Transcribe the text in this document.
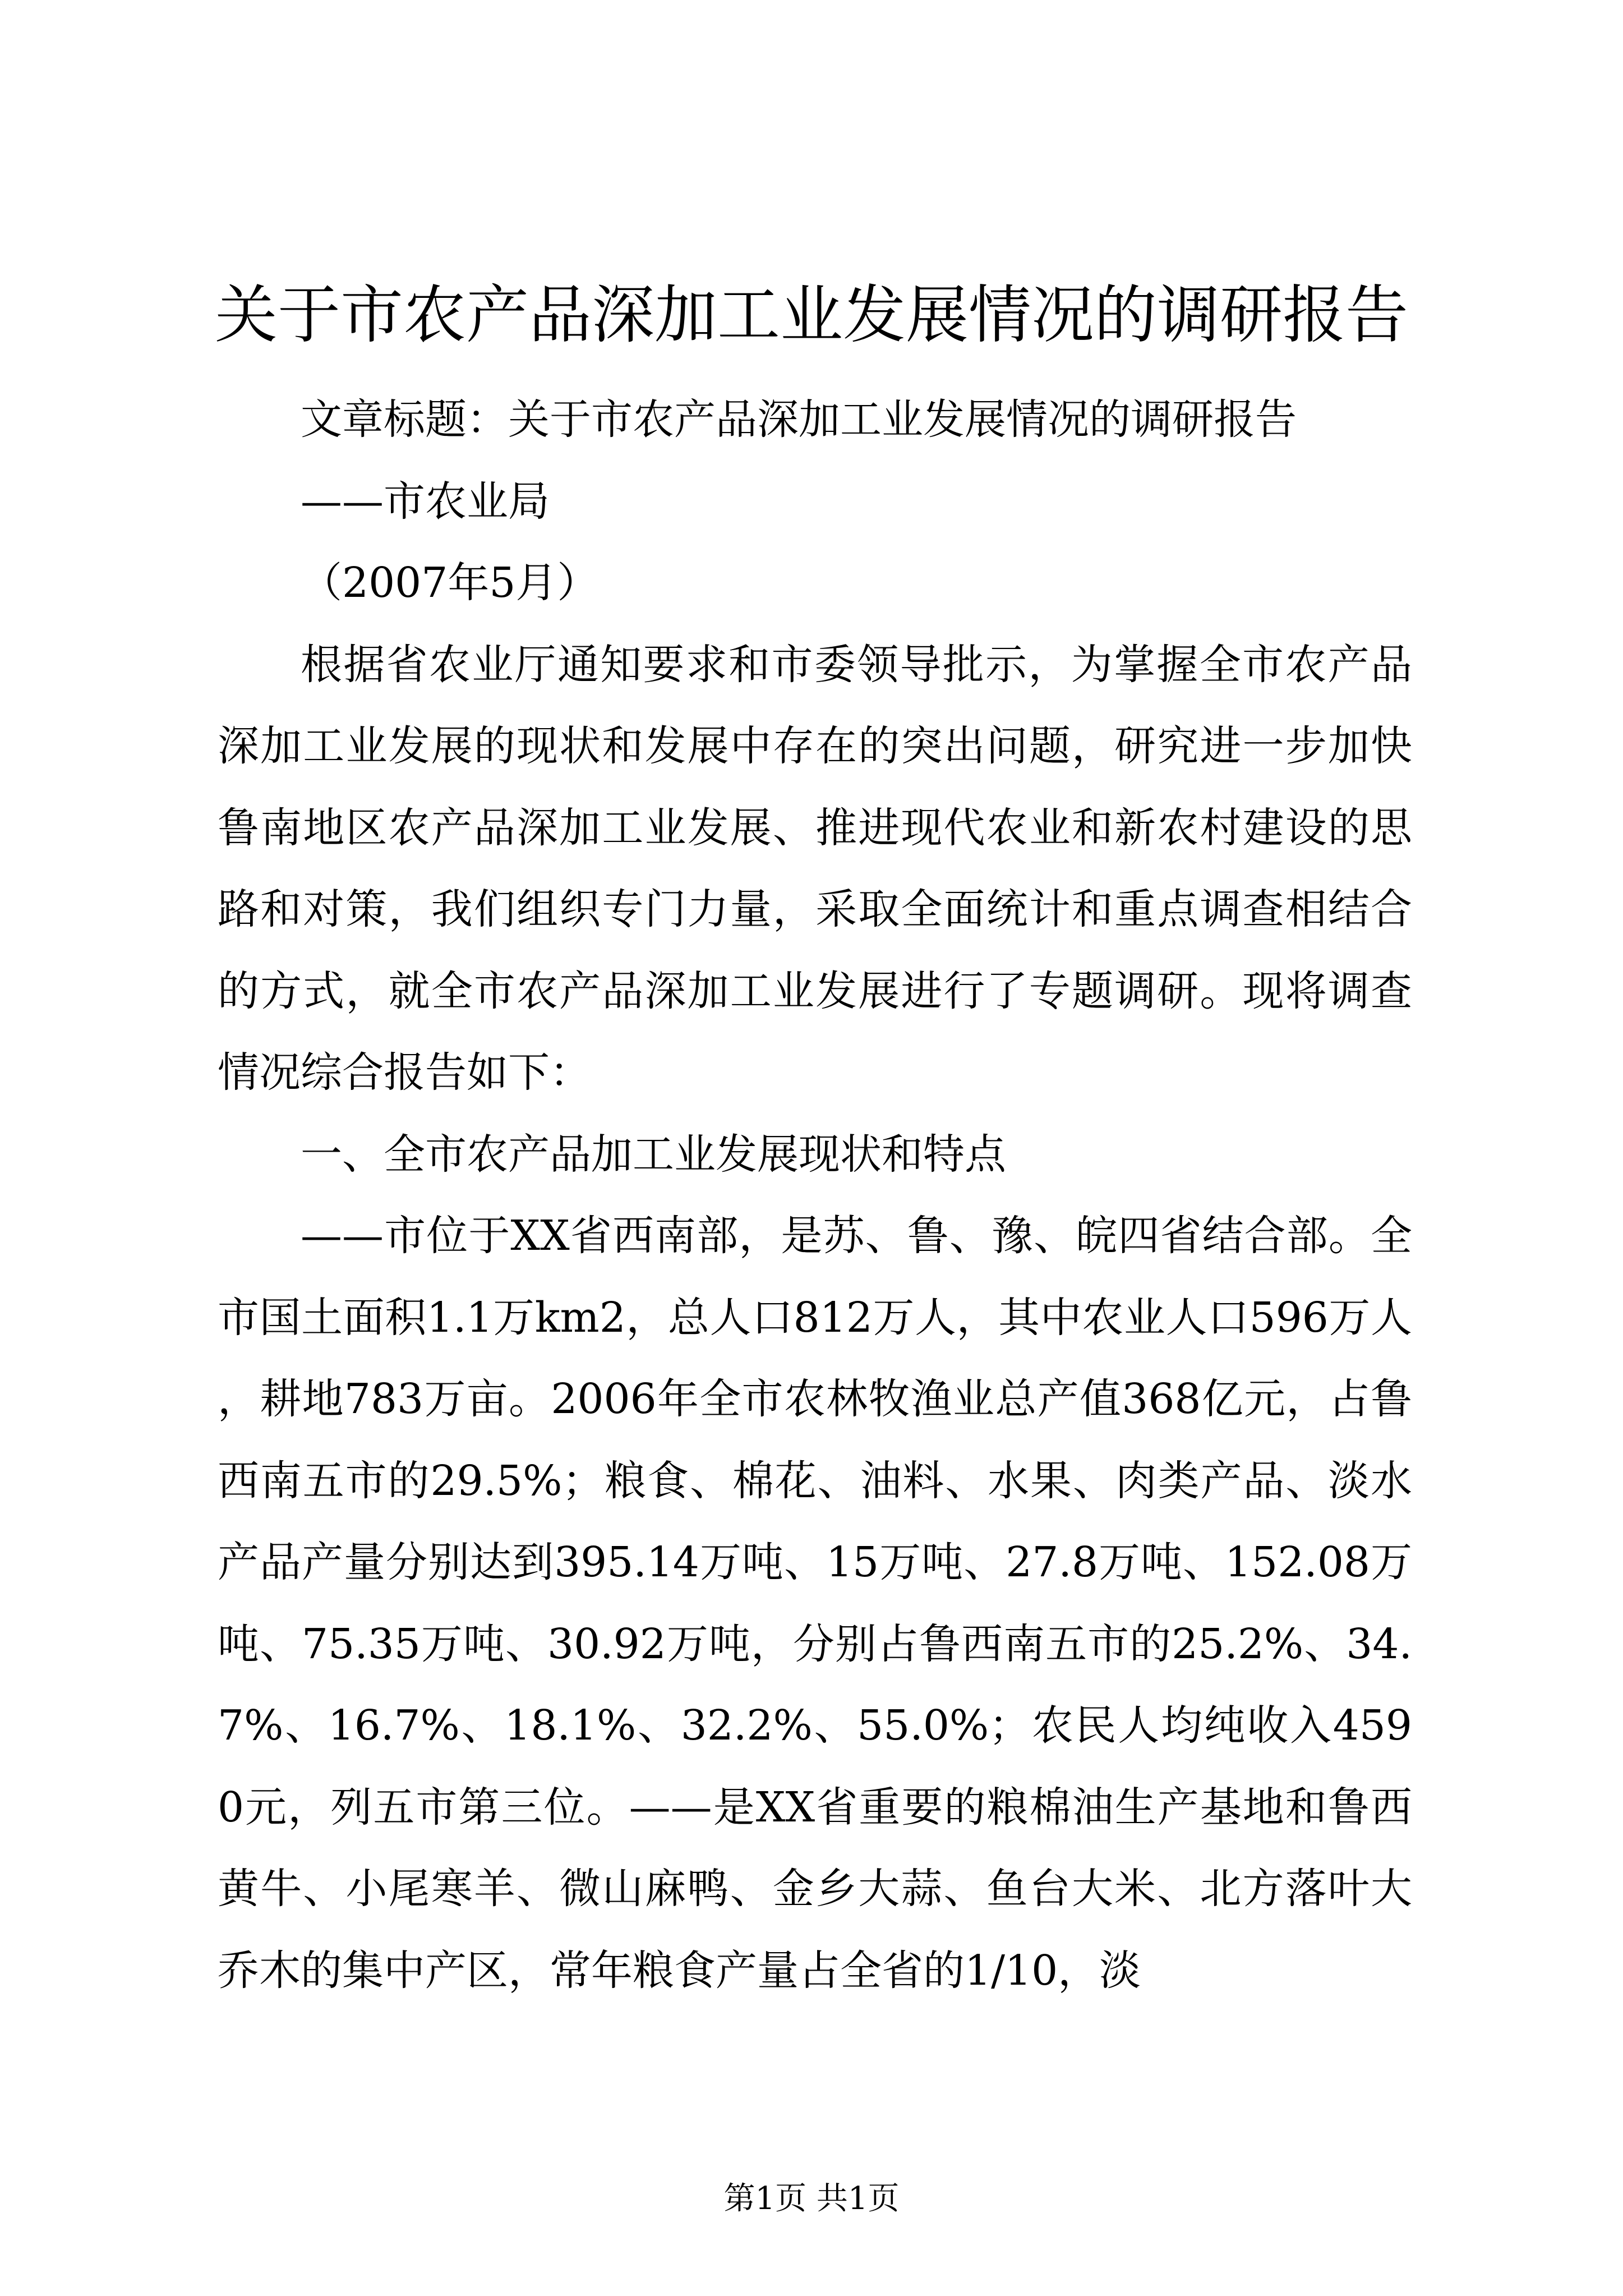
关于市农产品深加工业发展情况的调研报告

文章标题：关于市农产品深加工业发展情况的调研报告

——市农业局

（2007年5月）

根据省农业厅通知要求和市委领导批示，为掌握全市农产品深加工业发展的现状和发展中存在的突出问题，研究进一步加快鲁南地区农产品深加工业发展、推进现代农业和新农村建设的思路和对策，我们组织专门力量，采取全面统计和重点调查相结合的方式，就全市农产品深加工业发展进行了专题调研。现将调查情况综合报告如下：

一、全市农产品加工业发展现状和特点

——市位于XX省西南部，是苏、鲁、豫、皖四省结合部。全市国土面积1.1万km2，总人口812万人，其中农业人口596万人，耕地783万亩。2006年全市农林牧渔业总产值368亿元，占鲁西南五市的29.5%；粮食、棉花、油料、水果、肉类产品、淡水产品产量分别达到395.14万吨、15万吨、27.8万吨、152.08万吨、75.35万吨、30.92万吨，分别占鲁西南五市的25.2%、34.7%、16.7%、18.1%、32.2%、55.0%；农民人均纯收入4590元，列五市第三位。——是XX省重要的粮棉油生产基地和鲁西黄牛、小尾寒羊、微山麻鸭、金乡大蒜、鱼台大米、北方落叶大乔木的集中产区，常年粮食产量占全省的1/10，淡

第1页 共1页
